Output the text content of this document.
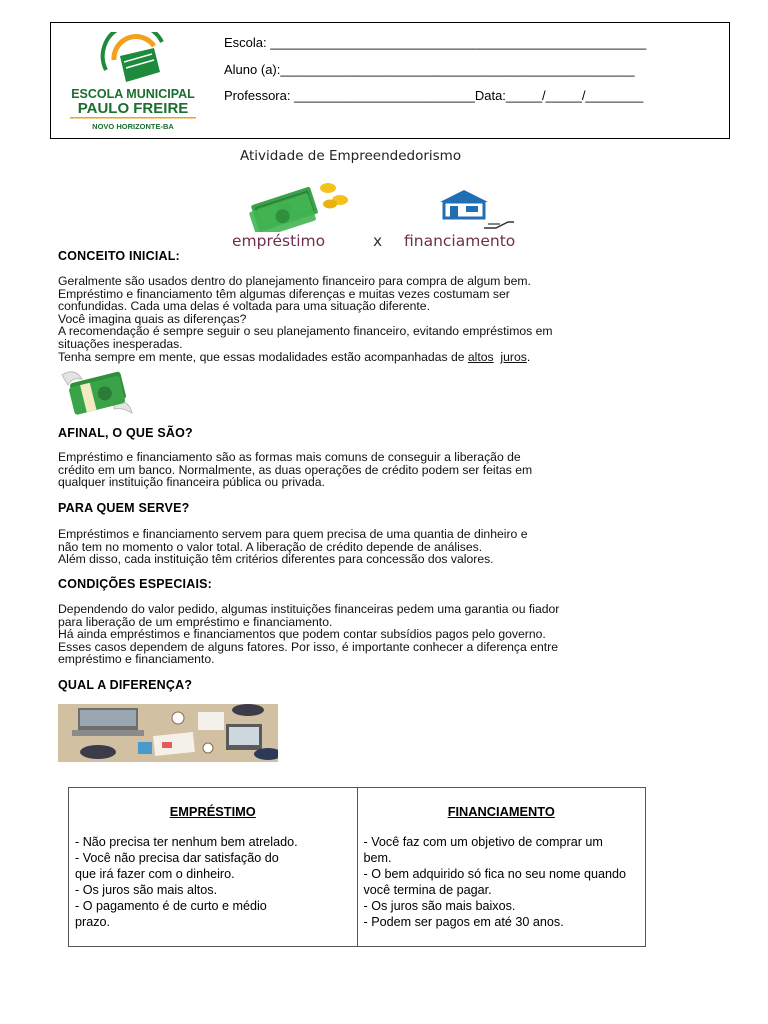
ESCOLA MUNICIPAL
PAULO FREIRE
NOVO HORIZONTE-BA
Escola: ____________________________________________________
Aluno (a):_________________________________________________
Professora: _________________________Data:_____/_____/________
Atividade de Empreendedorismo
empréstimo	x financiamento
CONCEITO INICIAL:
Geralmente são usados dentro do planejamento financeiro para compra de algum bem.
Empréstimo e financiamento têm algumas diferenças e muitas vezes costumam ser
confundidas. Cada uma delas é voltada para uma situação diferente.
Você imagina quais as diferenças?
A recomendação é sempre seguir o seu planejamento financeiro, evitando empréstimos em
situações inesperadas.
Tenha sempre em mente, que essas modalidades estão acompanhadas de altos juros.
AFINAL, O QUE SÃO?
Empréstimo e financiamento são as formas mais comuns de conseguir a liberação de
crédito em um banco. Normalmente, as duas operações de crédito podem ser feitas em
qualquer instituição financeira pública ou privada.
PARA QUEM SERVE?
Empréstimos e financiamento servem para quem precisa de uma quantia de dinheiro e
não tem no momento o valor total. A liberação de crédito depende de análises.
Além disso, cada instituição têm critérios diferentes para concessão dos valores.
CONDIÇÕES ESPECIAIS:
Dependendo do valor pedido, algumas instituições financeiras pedem uma garantia ou fiador
para liberação de um empréstimo e financiamento.
Há ainda empréstimos e financiamentos que podem contar subsídios pagos pelo governo.
Esses casos dependem de alguns fatores. Por isso, é importante conhecer a diferença entre
empréstimo e financiamento.
QUAL A DIFERENÇA?
EMPRÉSTIMO
- Não precisa ter nenhum bem atrelado.
- Você não precisa dar satisfação do
que irá fazer com o dinheiro.
- Os juros são mais altos.
- O pagamento é de curto e médio
prazo.

FINANCIAMENTO
- Você faz com um objetivo de comprar um
bem.
- O bem adquirido só fica no seu nome quando
você termina de pagar.
- Os juros são mais baixos.
- Podem ser pagos em até 30 anos.
